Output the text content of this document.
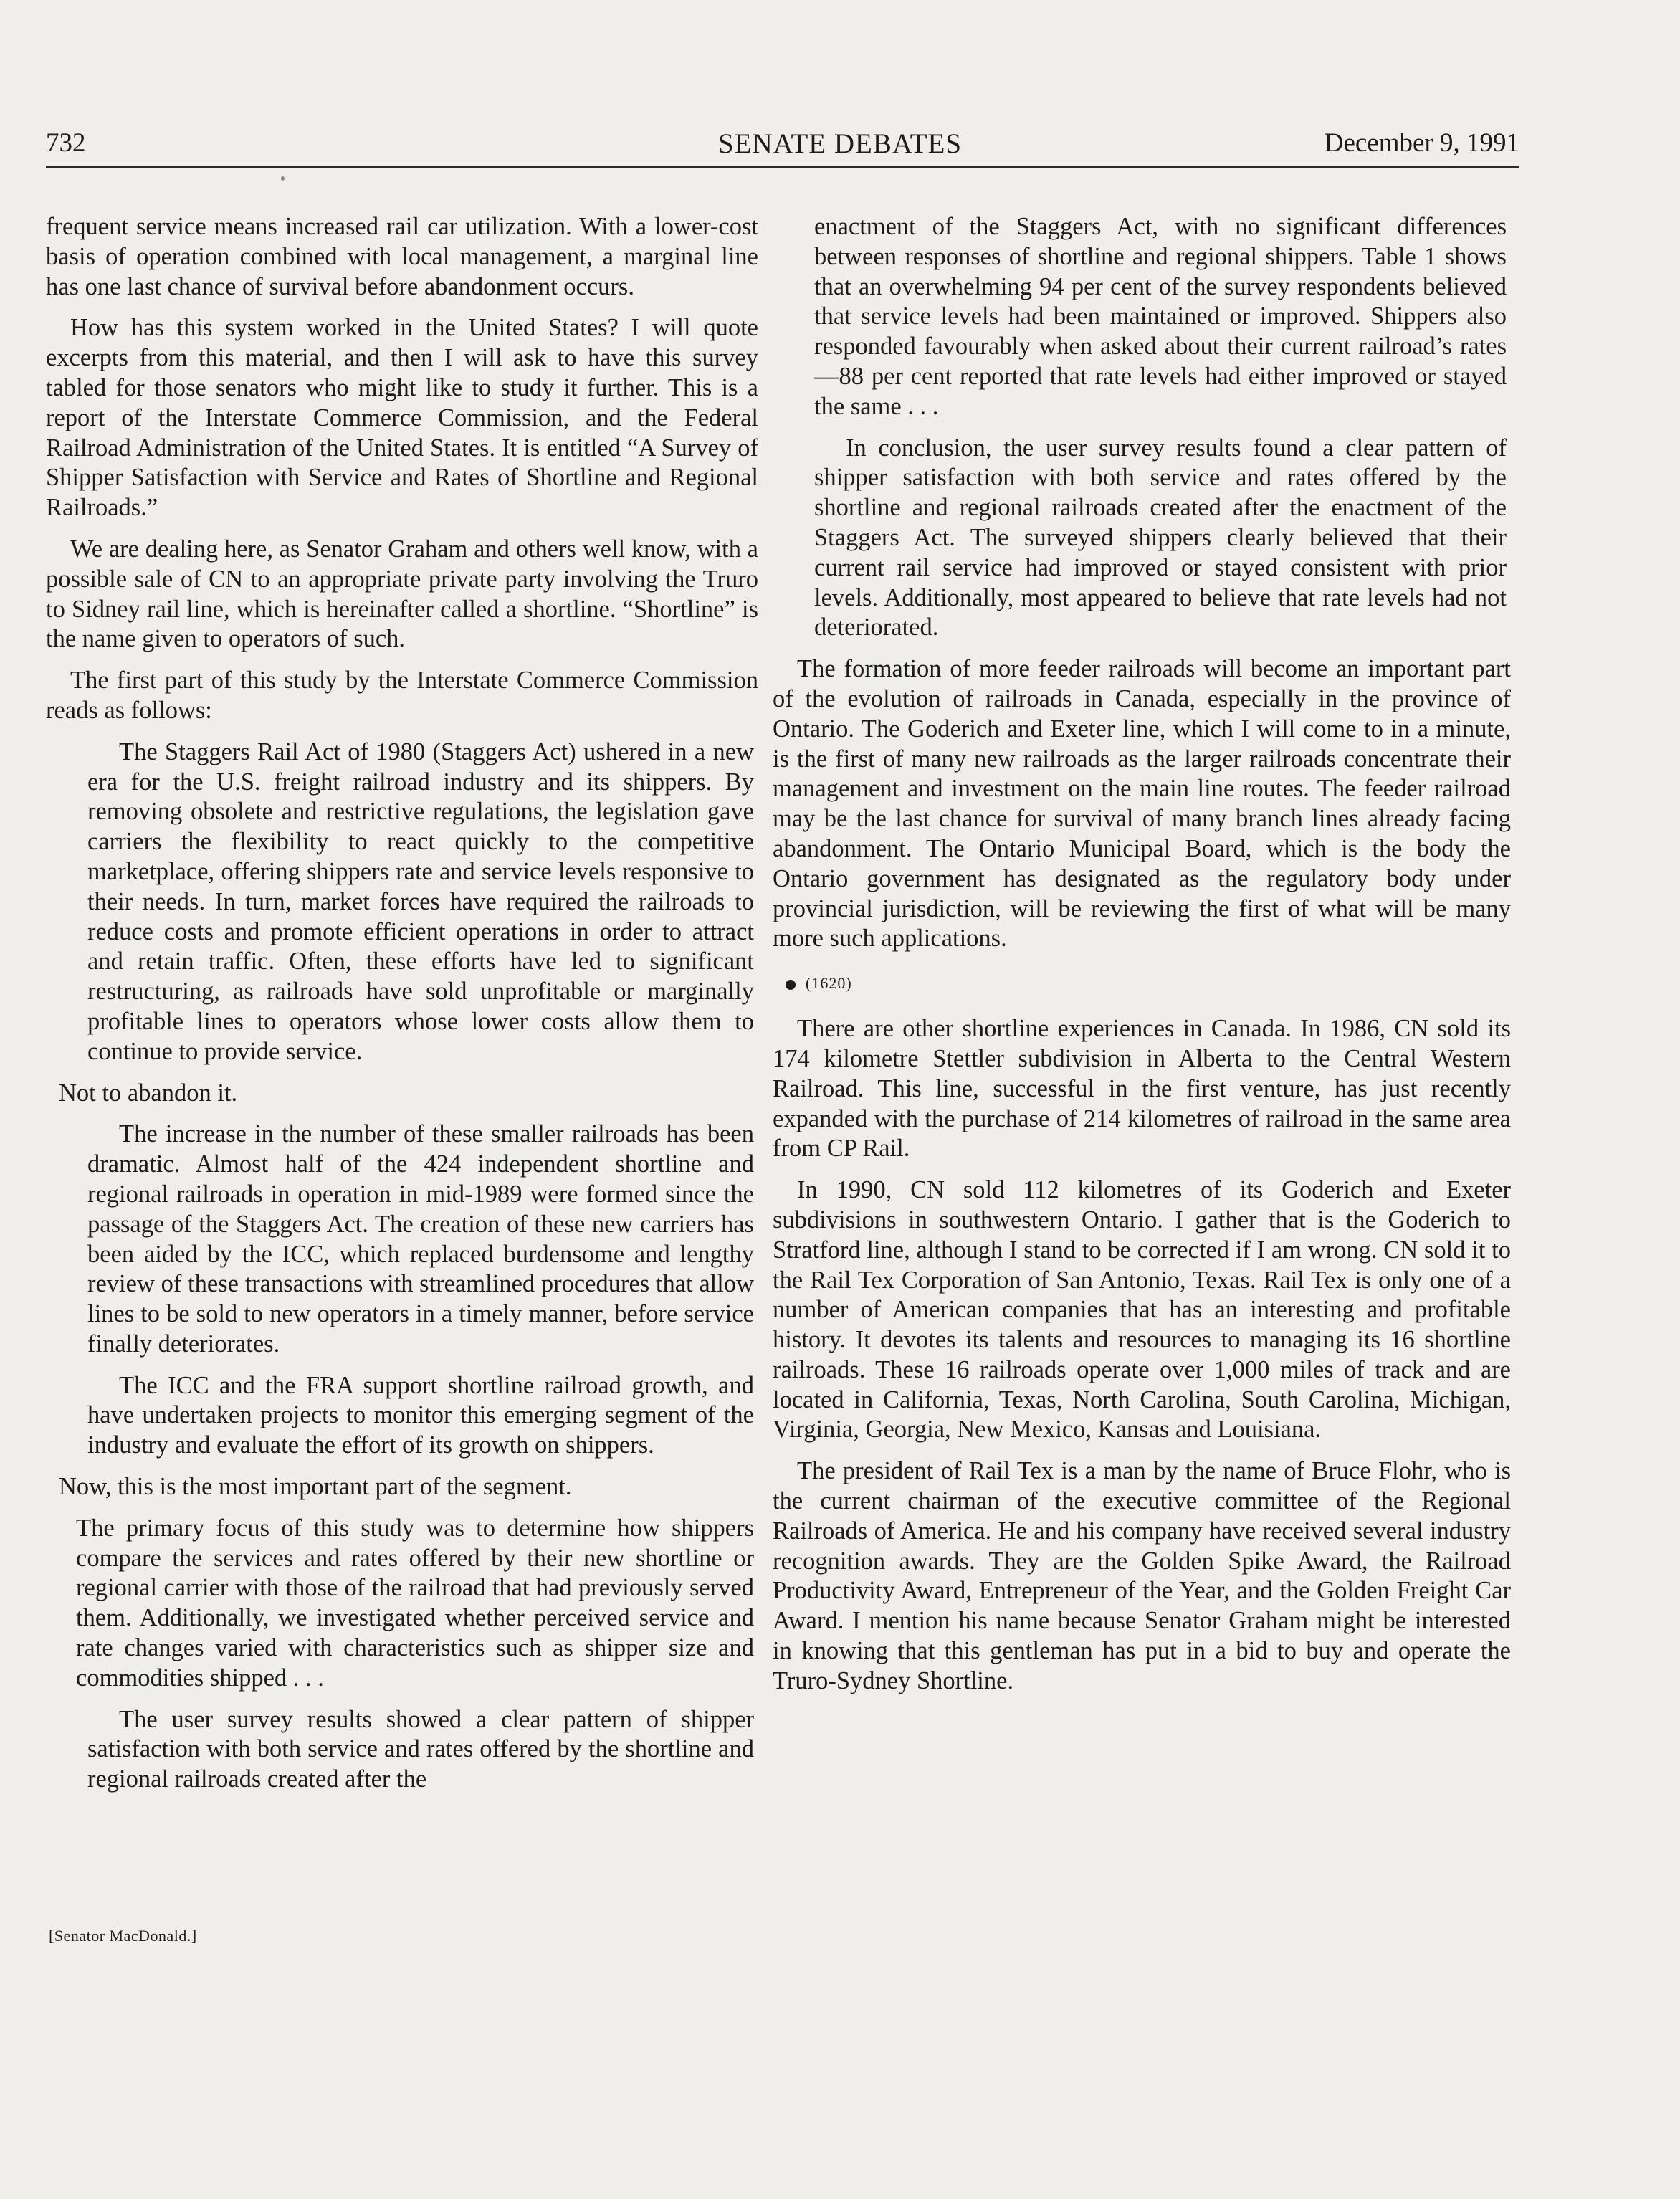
732	SENATE DEBATES	December 9, 1991

frequent service means increased rail car utilization. With a lower-cost basis of operation combined with local management, a marginal line has one last chance of survival before abandonment occurs.

How has this system worked in the United States? I will quote excerpts from this material, and then I will ask to have this survey tabled for those senators who might like to study it further. This is a report of the Interstate Commerce Commission, and the Federal Railroad Administration of the United States. It is entitled “A Survey of Shipper Satisfaction with Service and Rates of Shortline and Regional Railroads.”

We are dealing here, as Senator Graham and others well know, with a possible sale of CN to an appropriate private party involving the Truro to Sidney rail line, which is hereinafter called a shortline. “Shortline” is the name given to operators of such.

The first part of this study by the Interstate Commerce Commission reads as follows:

The Staggers Rail Act of 1980 (Staggers Act) ushered in a new era for the U.S. freight railroad industry and its shippers. By removing obsolete and restrictive regulations, the legislation gave carriers the flexibility to react quickly to the competitive marketplace, offering shippers rate and service levels responsive to their needs. In turn, market forces have required the railroads to reduce costs and promote efficient operations in order to attract and retain traffic. Often, these efforts have led to significant restructuring, as railroads have sold unprofitable or marginally profitable lines to operators whose lower costs allow them to continue to provide service.

Not to abandon it.

The increase in the number of these smaller railroads has been dramatic. Almost half of the 424 independent shortline and regional railroads in operation in mid-1989 were formed since the passage of the Staggers Act. The creation of these new carriers has been aided by the ICC, which replaced burdensome and lengthy review of these transactions with streamlined procedures that allow lines to be sold to new operators in a timely manner, before service finally deteriorates.

The ICC and the FRA support shortline railroad growth, and have undertaken projects to monitor this emerging segment of the industry and evaluate the effort of its growth on shippers.

Now, this is the most important part of the segment.

The primary focus of this study was to determine how shippers compare the services and rates offered by their new shortline or regional carrier with those of the railroad that had previously served them. Additionally, we investigated whether perceived service and rate changes varied with characteristics such as shipper size and commodities shipped . . .

The user survey results showed a clear pattern of shipper satisfaction with both service and rates offered by the shortline and regional railroads created after the

enactment of the Staggers Act, with no significant differences between responses of shortline and regional shippers. Table 1 shows that an overwhelming 94 per cent of the survey respondents believed that service levels had been maintained or improved. Shippers also responded favourably when asked about their current railroad’s rates—88 per cent reported that rate levels had either improved or stayed the same . . .

In conclusion, the user survey results found a clear pattern of shipper satisfaction with both service and rates offered by the shortline and regional railroads created after the enactment of the Staggers Act. The surveyed shippers clearly believed that their current rail service had improved or stayed consistent with prior levels. Additionally, most appeared to believe that rate levels had not deteriorated.

The formation of more feeder railroads will become an important part of the evolution of railroads in Canada, especially in the province of Ontario. The Goderich and Exeter line, which I will come to in a minute, is the first of many new railroads as the larger railroads concentrate their management and investment on the main line routes. The feeder railroad may be the last chance for survival of many branch lines already facing abandonment. The Ontario Municipal Board, which is the body the Ontario government has designated as the regulatory body under provincial jurisdiction, will be reviewing the first of what will be many more such applications.

(1620)

There are other shortline experiences in Canada. In 1986, CN sold its 174 kilometre Stettler subdivision in Alberta to the Central Western Railroad. This line, successful in the first venture, has just recently expanded with the purchase of 214 kilometres of railroad in the same area from CP Rail.

In 1990, CN sold 112 kilometres of its Goderich and Exeter subdivisions in southwestern Ontario. I gather that is the Goderich to Stratford line, although I stand to be corrected if I am wrong. CN sold it to the Rail Tex Corporation of San Antonio, Texas. Rail Tex is only one of a number of American companies that has an interesting and profitable history. It devotes its talents and resources to managing its 16 shortline railroads. These 16 railroads operate over 1,000 miles of track and are located in California, Texas, North Carolina, South Carolina, Michigan, Virginia, Georgia, New Mexico, Kansas and Louisiana.

The president of Rail Tex is a man by the name of Bruce Flohr, who is the current chairman of the executive committee of the Regional Railroads of America. He and his company have received several industry recognition awards. They are the Golden Spike Award, the Railroad Productivity Award, Entrepreneur of the Year, and the Golden Freight Car Award. I mention his name because Senator Graham might be interested in knowing that this gentleman has put in a bid to buy and operate the Truro-Sydney Shortline.

[Senator MacDonald.]
